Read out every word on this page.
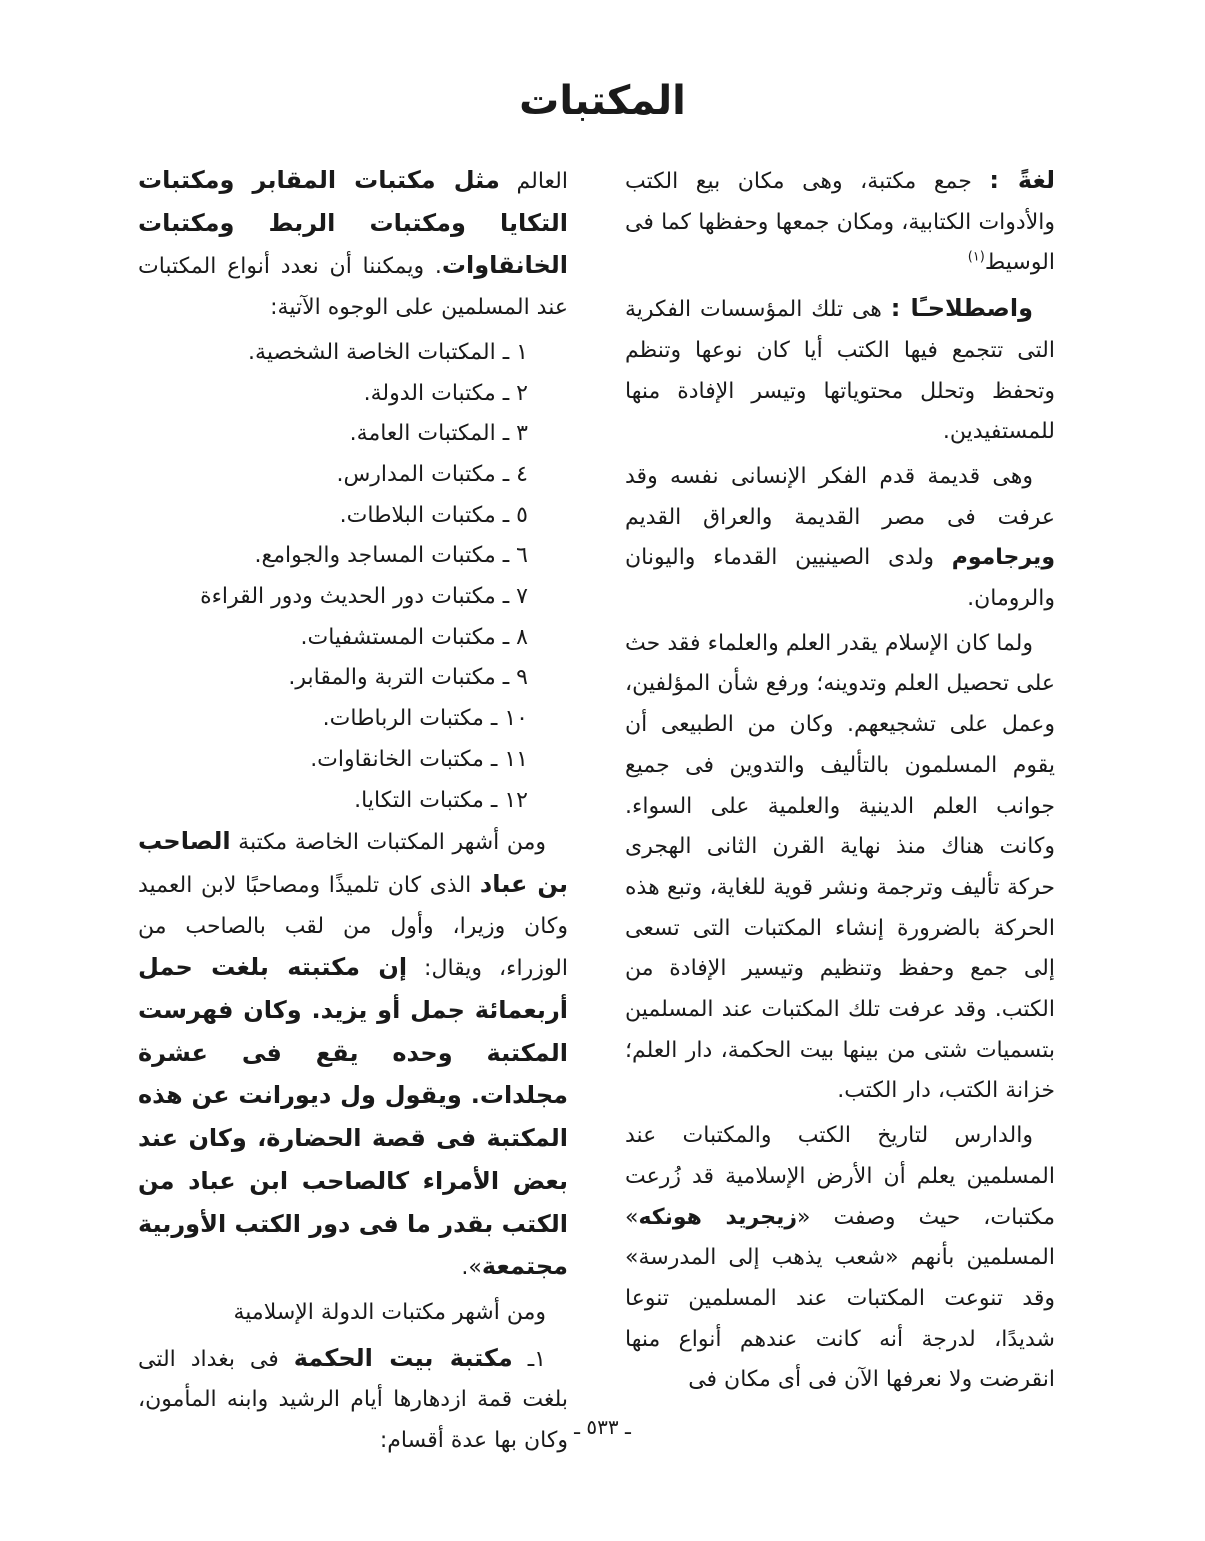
المكتبات

لغةً : جمع مكتبة، وهى مكان بيع الكتب والأدوات الكتابية، ومكان جمعها وحفظها كما فى الوسيط$^{(١)}$

واصطلاحـًا : هى تلك المؤسسات الفكرية التى تتجمع فيها الكتب أيا كان نوعها وتنظم وتحفظ وتحلل محتوياتها وتيسر الإفادة منها للمستفيدين.

وهى قديمة قدم الفكر الإنسانى نفسه وقد عرفت فى مصر القديمة والعراق القديم ويرجاموم ولدى الصينيين القدماء واليونان والرومان.

ولما كان الإسلام يقدر العلم والعلماء فقد حث على تحصيل العلم وتدوينه؛ ورفع شأن المؤلفين، وعمل على تشجيعهم. وكان من الطبيعى أن يقوم المسلمون بالتأليف والتدوين فى جميع جوانب العلم الدينية والعلمية على السواء. وكانت هناك منذ نهاية القرن الثانى الهجرى حركة تأليف وترجمة ونشر قوية للغاية، وتبع هذه الحركة بالضرورة إنشاء المكتبات التى تسعى إلى جمع وحفظ وتنظيم وتيسير الإفادة من الكتب. وقد عرفت تلك المكتبات عند المسلمين بتسميات شتى من بينها بيت الحكمة، دار العلم؛ خزانة الكتب، دار الكتب.

والدارس لتاريخ الكتب والمكتبات عند المسلمين يعلم أن الأرض الإسلامية قد زُرعت مكتبات، حيث وصفت «زيجريد هونكه» المسلمين بأنهم «شعب يذهب إلى المدرسة» وقد تنوعت المكتبات عند المسلمين تنوعا شديدًا، لدرجة أنه كانت عندهم أنواع منها انقرضت ولا نعرفها الآن فى أى مكان فى

العالم مثل مكتبات المقابر ومكتبات التكايا ومكتبات الربط ومكتبات الخانقاوات. ويمكننا أن نعدد أنواع المكتبات عند المسلمين على الوجوه الآتية:

١ ـ المكتبات الخاصة الشخصية.
٢ ـ مكتبات الدولة.
٣ ـ المكتبات العامة.
٤ ـ مكتبات المدارس.
٥ ـ مكتبات البلاطات.
٦ ـ مكتبات المساجد والجوامع.
٧ ـ مكتبات دور الحديث ودور القراءة
٨ ـ مكتبات المستشفيات.
٩ ـ مكتبات التربة والمقابر.
١٠ ـ مكتبات الرباطات.
١١ ـ مكتبات الخانقاوات.
١٢ ـ مكتبات التكايا.

ومن أشهر المكتبات الخاصة مكتبة الصاحب بن عباد الذى كان تلميذًا ومصاحبًا لابن العميد وكان وزيرا، وأول من لقب بالصاحب من الوزراء، ويقال: إن مكتبته بلغت حمل أربعمائة جمل أو يزيد. وكان فهرست المكتبة وحده يقع فى عشرة مجلدات. ويقول ول ديورانت عن هذه المكتبة فى قصة الحضارة، وكان عند بعض الأمراء كالصاحب ابن عباد من الكتب بقدر ما فى دور الكتب الأوربية مجتمعة».

ومن أشهر مكتبات الدولة الإسلامية

١ـ مكتبة بيت الحكمة فى بغداد التى بلغت قمة ازدهارها أيام الرشيد وابنه المأمون، وكان بها عدة أقسام:

ـ ٥٣٣ ـ
